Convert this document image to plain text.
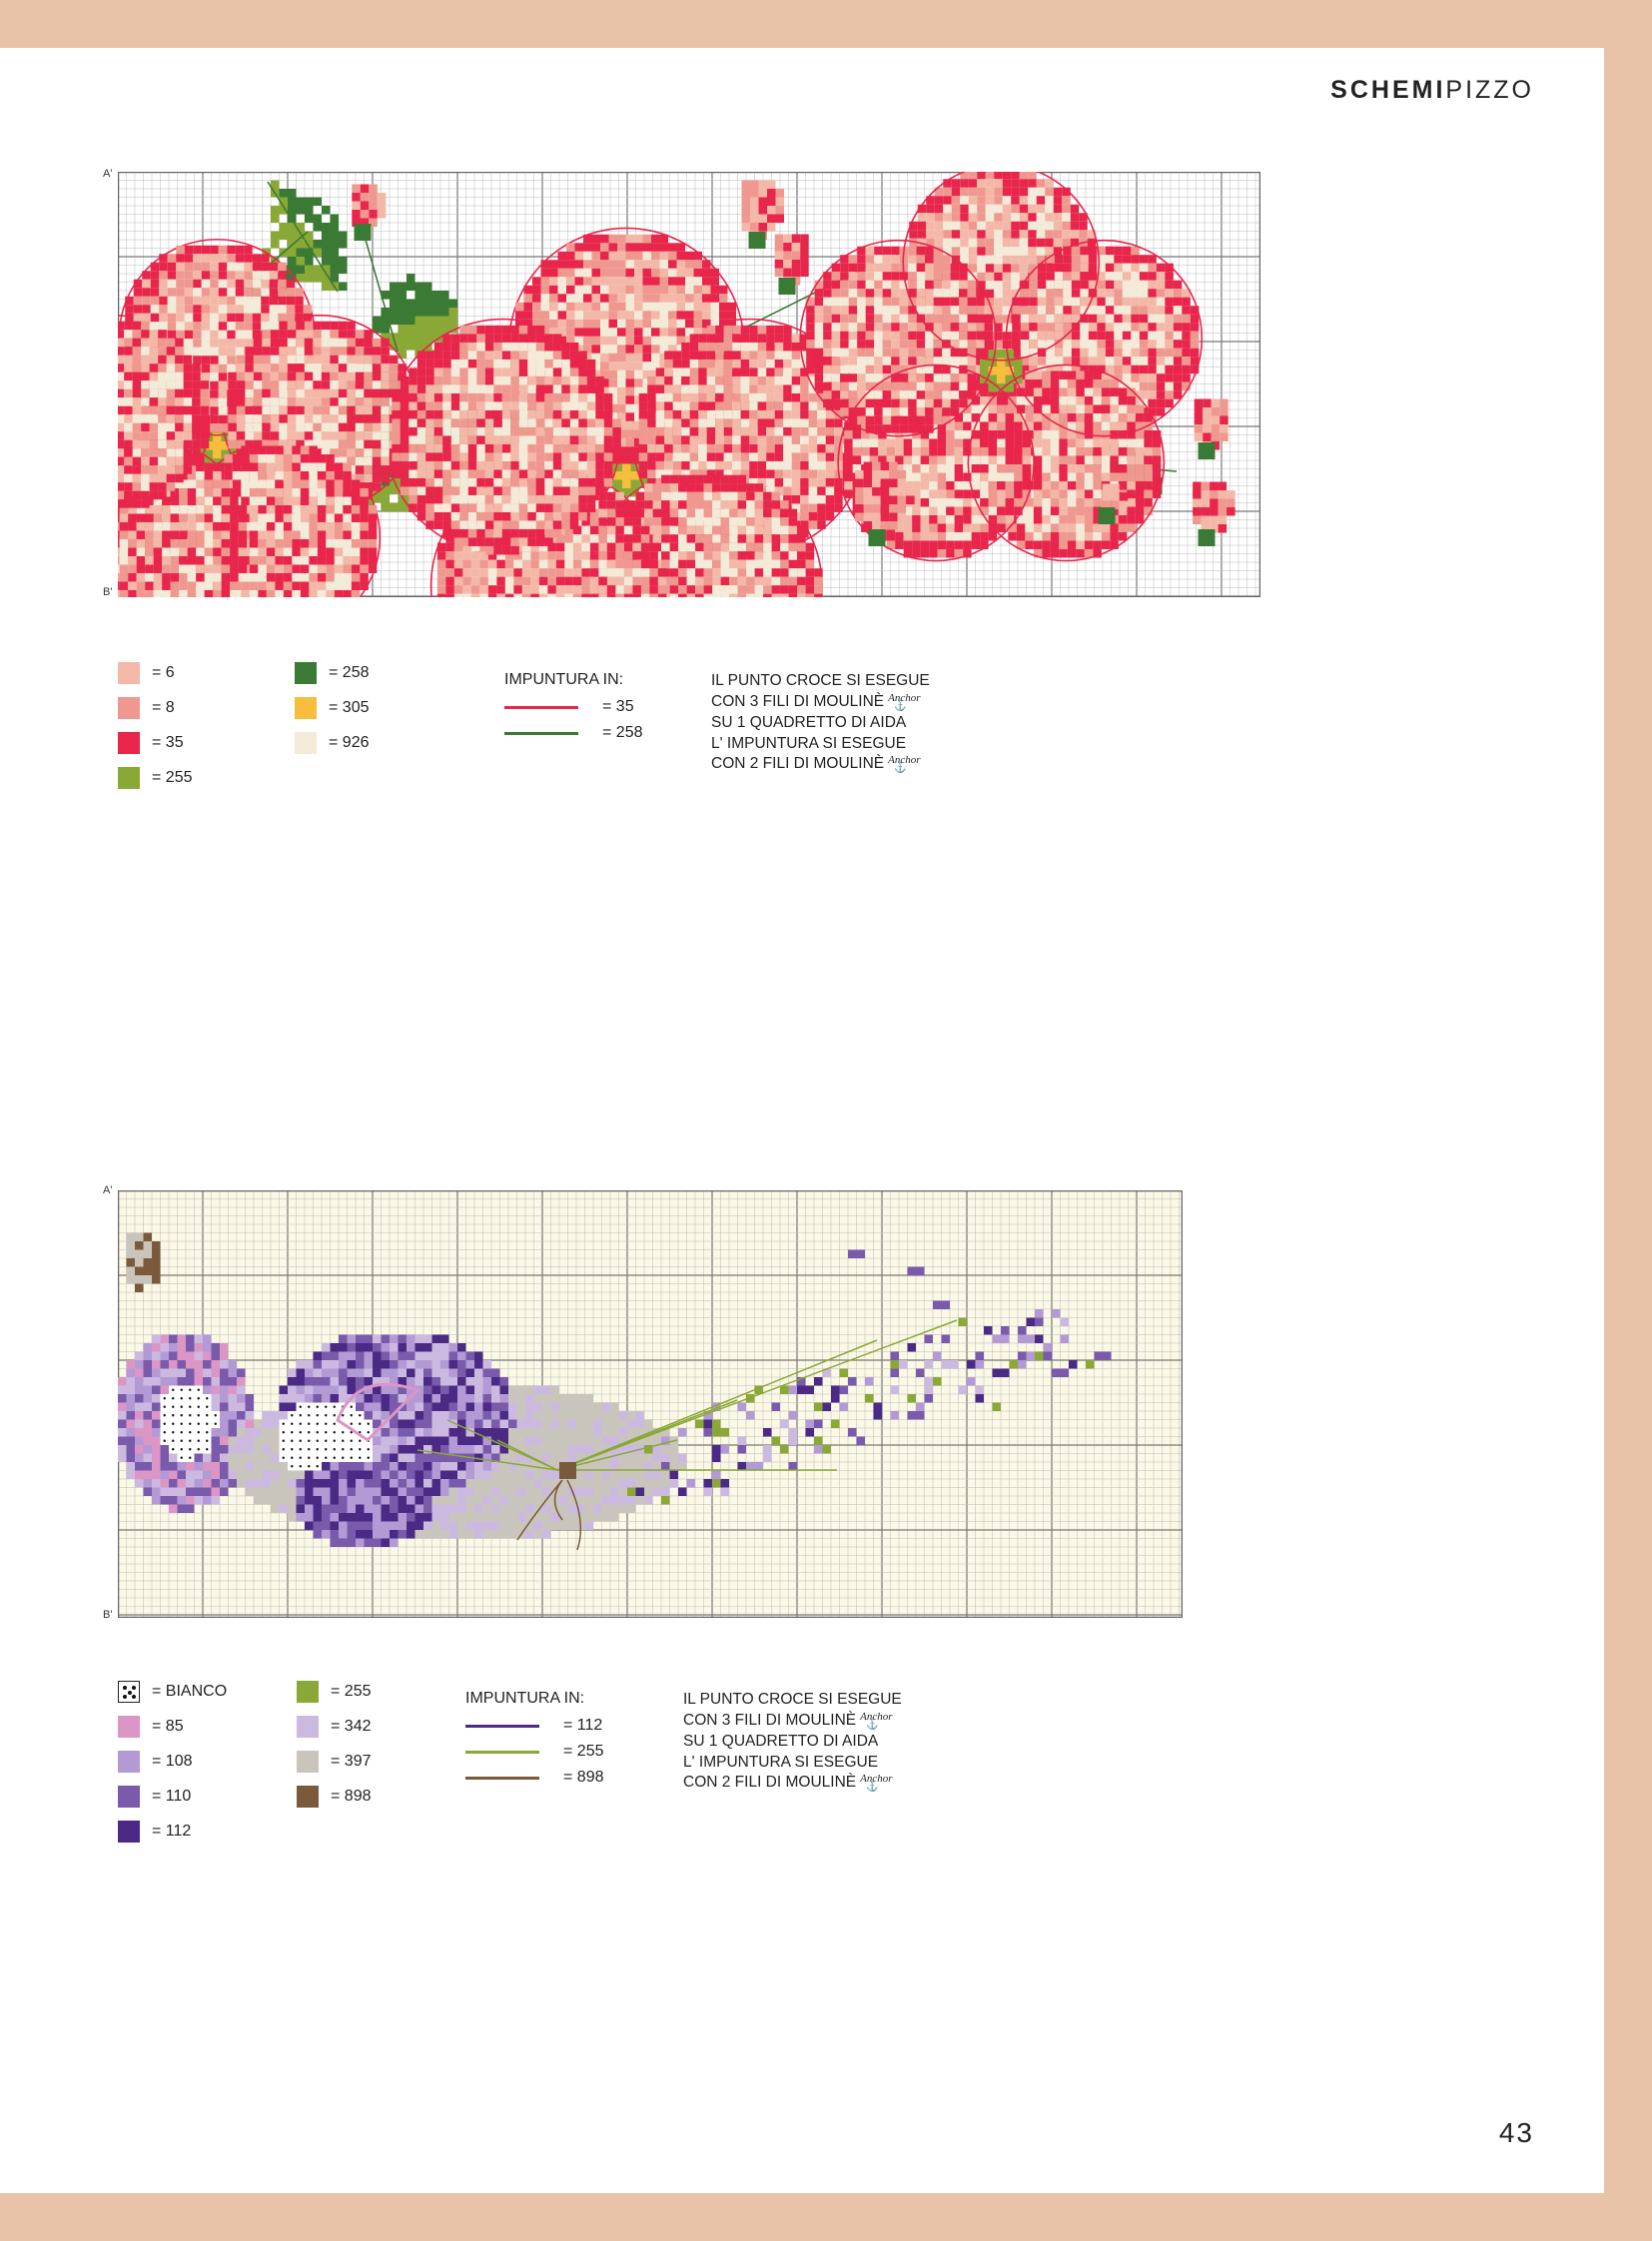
SCHEMIPIZZO
A'
B'
= 6
= 8
= 35
= 255
= 258
= 305
= 926
IMPUNTURA IN:
= 35
= 258
IL PUNTO CROCE SI ESEGUE
CON 3 FILI DI MOULINÈ Anchor ⚓
SU 1 QUADRETTO DI AIDA
L' IMPUNTURA SI ESEGUE
CON 2 FILI DI MOULINÈ Anchor ⚓
A'
B'
= BIANCO
= 85
= 108
= 110
= 112
= 255
= 342
= 397
= 898
IMPUNTURA IN:
= 112
= 255
= 898
IL PUNTO CROCE SI ESEGUE
CON 3 FILI DI MOULINÈ Anchor ⚓
SU 1 QUADRETTO DI AIDA
L' IMPUNTURA SI ESEGUE
CON 2 FILI DI MOULINÈ Anchor ⚓
43
